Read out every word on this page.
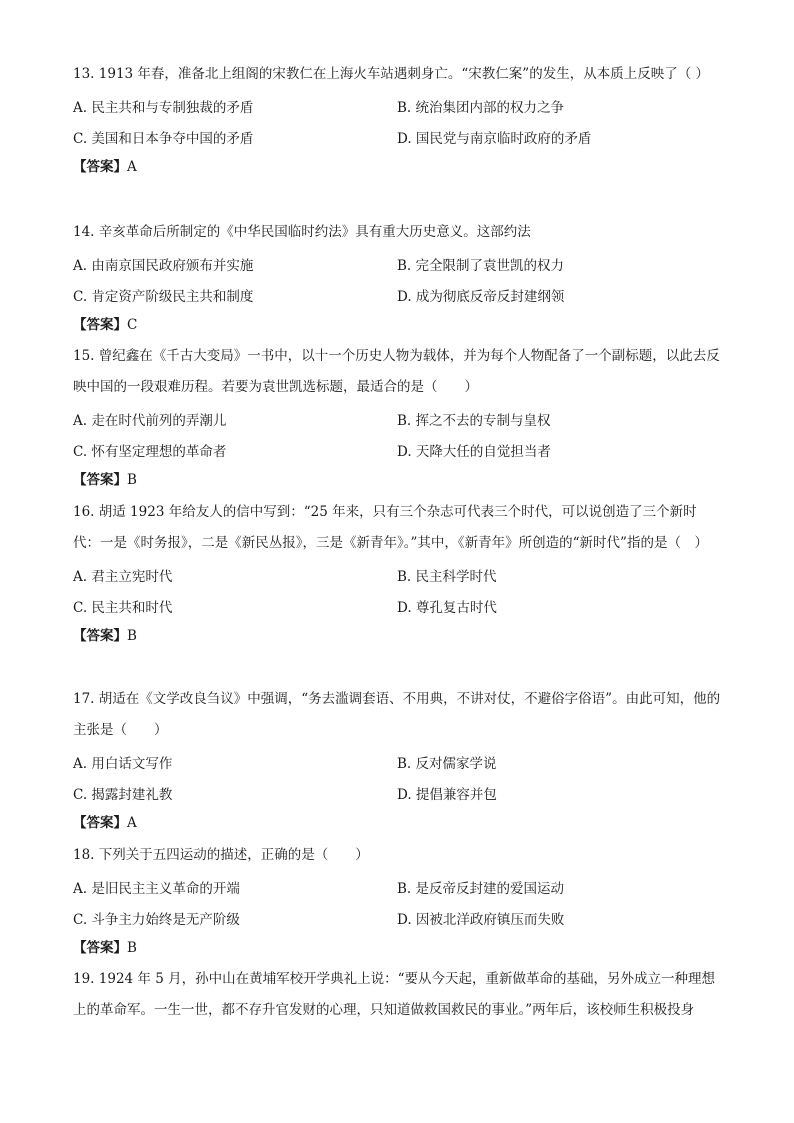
13. 1913 年春，准备北上组阁的宋教仁在上海火车站遇刺身亡。“宋教仁案”的发生，从本质上反映了（ ）

A. 民主共和与专制独裁的矛盾	B. 统治集团内部的权力之争
C. 美国和日本争夺中国的矛盾	D. 国民党与南京临时政府的矛盾
【答案】A

14. 辛亥革命后所制定的《中华民国临时约法》具有重大历史意义。这部约法

A. 由南京国民政府颁布并实施	B. 完全限制了袁世凯的权力
C. 肯定资产阶级民主共和制度	D. 成为彻底反帝反封建纲领
【答案】C

15. 曾纪鑫在《千古大变局》一书中，以十一个历史人物为载体，并为每个人物配备了一个副标题，以此去反映中国的一段艰难历程。若要为袁世凯选标题，最适合的是（　　）

A. 走在时代前列的弄潮儿	B. 挥之不去的专制与皇权
C. 怀有坚定理想的革命者	D. 天降大任的自觉担当者
【答案】B

16. 胡适 1923 年给友人的信中写到：“25 年来，只有三个杂志可代表三个时代，可以说创造了三个新时代：一是《时务报》，二是《新民丛报》，三是《新青年》。”其中，《新青年》所创造的“新时代”指的是（　）

A. 君主立宪时代	B. 民主科学时代
C. 民主共和时代	D. 尊孔复古时代
【答案】B

17. 胡适在《文学改良刍议》中强调，“务去滥调套语、不用典，不讲对仗，不避俗字俗语”。由此可知，他的主张是（　　）

A. 用白话文写作	B. 反对儒家学说
C. 揭露封建礼教	D. 提倡兼容并包
【答案】A

18. 下列关于五四运动的描述，正确的是（　　）

A. 是旧民主主义革命的开端	B. 是反帝反封建的爱国运动
C. 斗争主力始终是无产阶级	D. 因被北洋政府镇压而失败
【答案】B

19. 1924 年 5 月，孙中山在黄埔军校开学典礼上说：“要从今天起，重新做革命的基础，另外成立一种理想上的革命军。一生一世，都不存升官发财的心理，只知道做救国救民的事业。”两年后，该校师生积极投身
